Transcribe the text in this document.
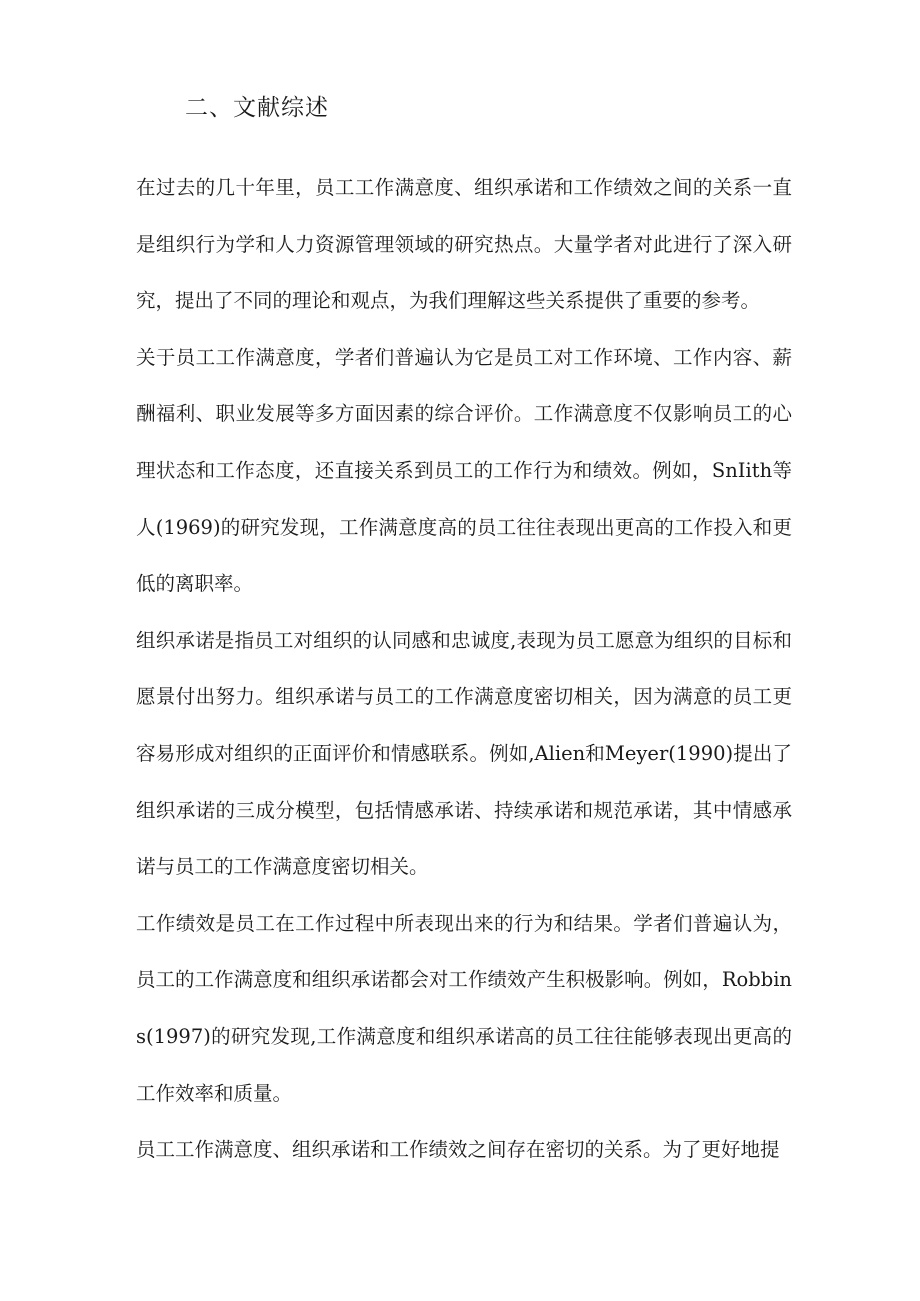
二、文献综述

在过去的几十年里，员工工作满意度、组织承诺和工作绩效之间的关系一直是组织行为学和人力资源管理领域的研究热点。大量学者对此进行了深入研究，提出了不同的理论和观点，为我们理解这些关系提供了重要的参考。

关于员工工作满意度，学者们普遍认为它是员工对工作环境、工作内容、薪酬福利、职业发展等多方面因素的综合评价。工作满意度不仅影响员工的心理状态和工作态度，还直接关系到员工的工作行为和绩效。例如，SnIith等人(1969)的研究发现，工作满意度高的员工往往表现出更高的工作投入和更低的离职率。

组织承诺是指员工对组织的认同感和忠诚度,表现为员工愿意为组织的目标和愿景付出努力。组织承诺与员工的工作满意度密切相关，因为满意的员工更容易形成对组织的正面评价和情感联系。例如,Alien和Meyer(1990)提出了组织承诺的三成分模型，包括情感承诺、持续承诺和规范承诺，其中情感承诺与员工的工作满意度密切相关。

工作绩效是员工在工作过程中所表现出来的行为和结果。学者们普遍认为，员工的工作满意度和组织承诺都会对工作绩效产生积极影响。例如，Robbins(1997)的研究发现,工作满意度和组织承诺高的员工往往能够表现出更高的工作效率和质量。

员工工作满意度、组织承诺和工作绩效之间存在密切的关系。为了更好地提
